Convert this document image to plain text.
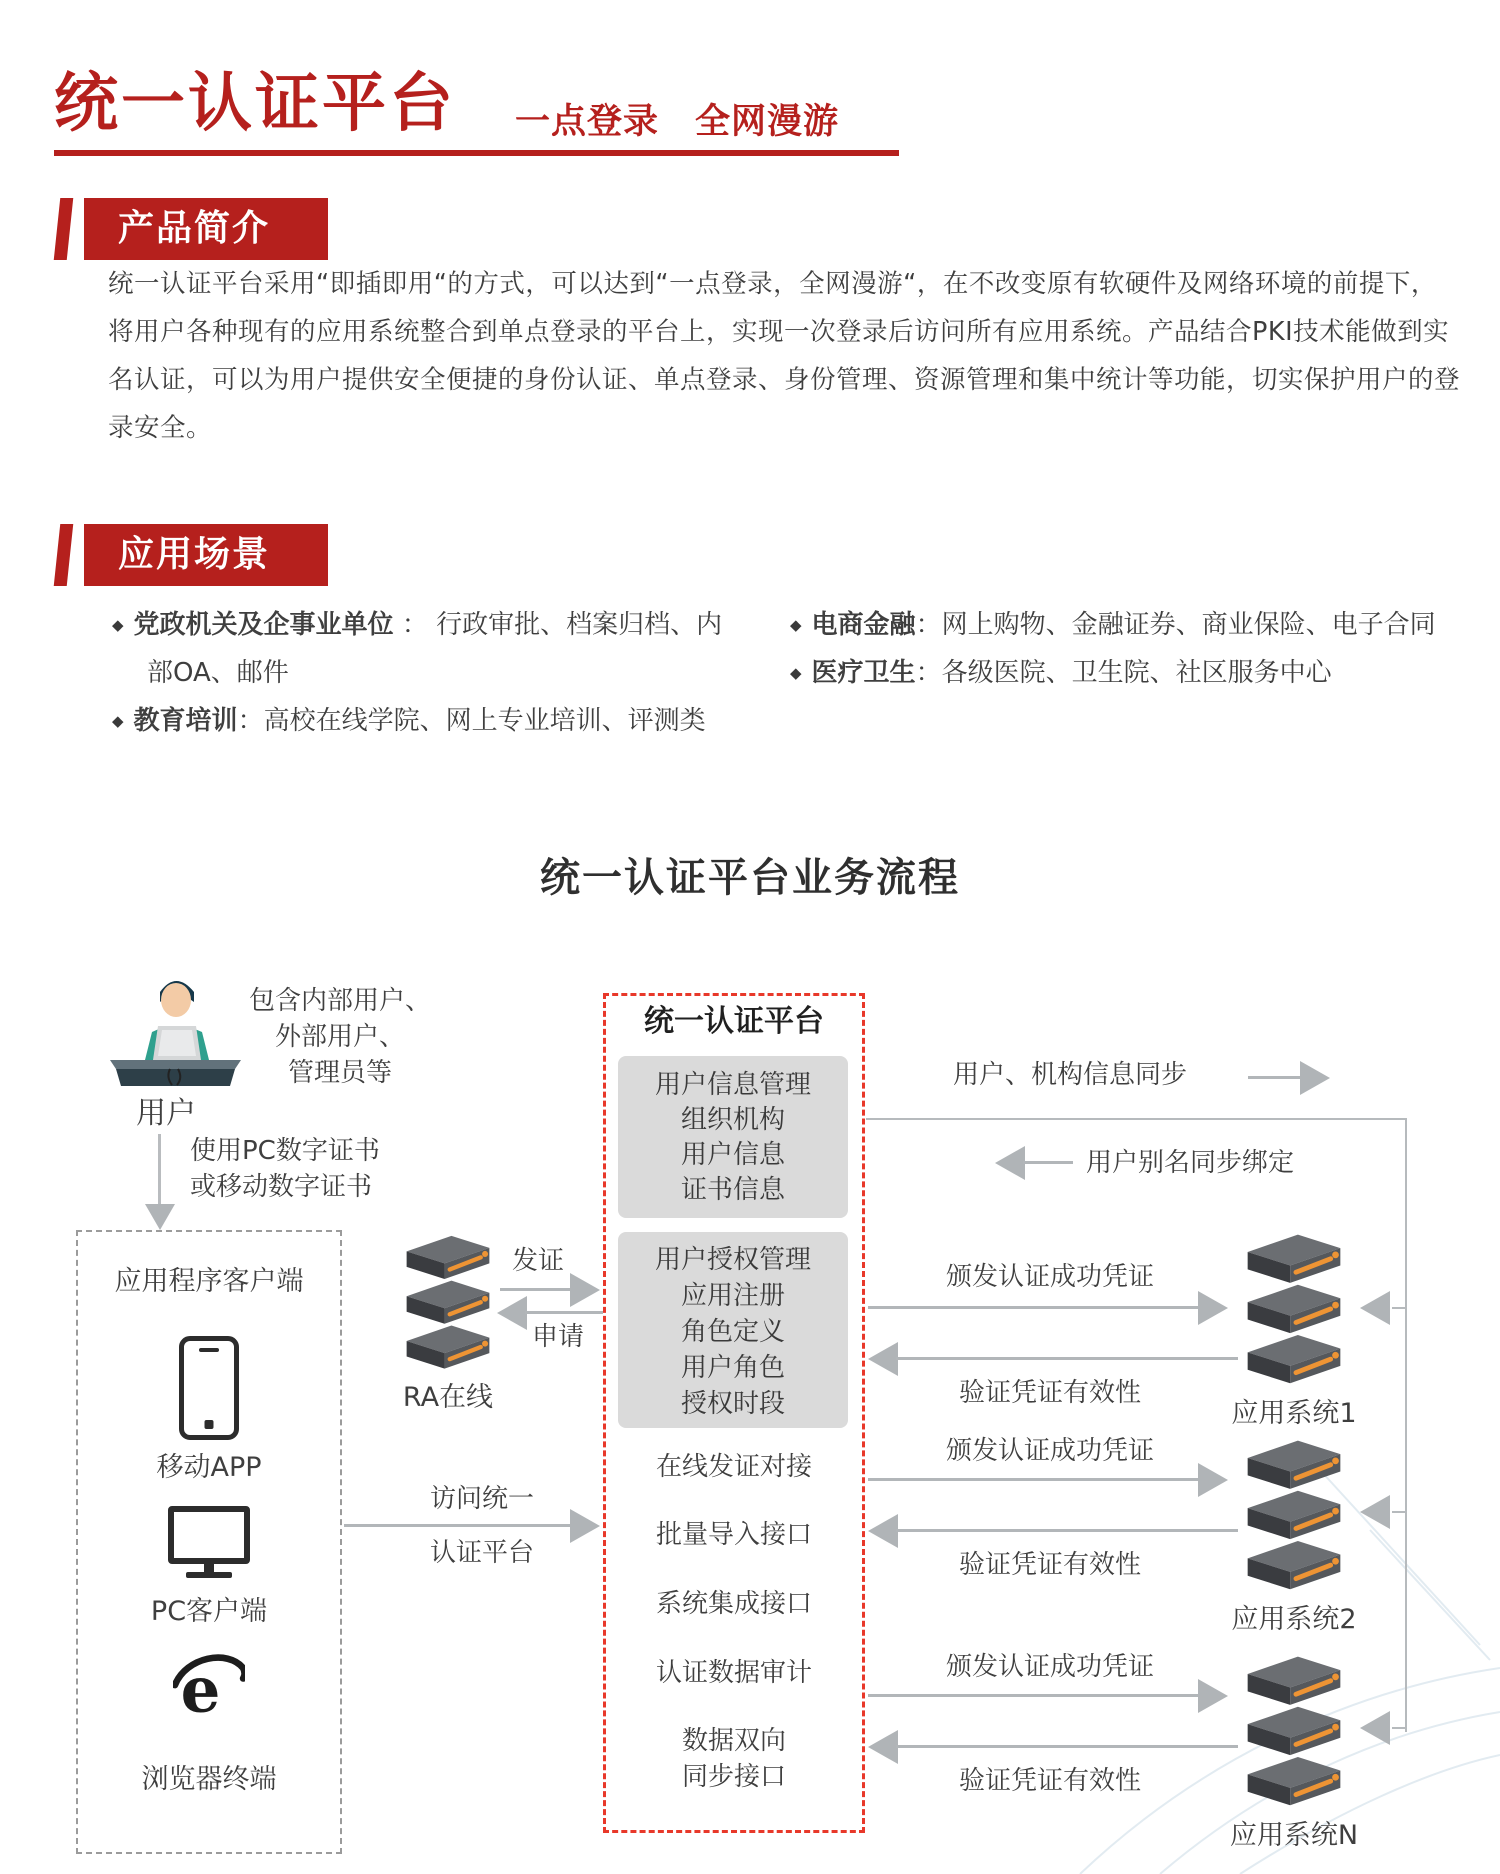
统一认证平台 一点登录　全网漫游
产品简介
统一认证平台采用“即插即用“的方式，可以达到“一点登录，全网漫游“，在不改变原有软硬件及网络环境的前提下，
将用户各种现有的应用系统整合到单点登录的平台上，实现一次登录后访问所有应用系统。产品结合PKI技术能做到实
名认证，可以为用户提供安全便捷的身份认证、单点登录、身份管理、资源管理和集中统计等功能，切实保护用户的登
录安全。
应用场景
◆ 党政机关及企事业单位 ： 行政审批、档案归档、内
部OA、邮件
◆ 教育培训：高校在线学院、网上专业培训、评测类
◆ 电商金融：网上购物、金融证券、商业保险、电子合同
◆ 医疗卫生：各级医院、卫生院、社区服务中心
统一认证平台业务流程
包含内部用户、
外部用户、
管理员等
用户
使用PC数字证书
或移动数字证书
应用程序客户端
移动APP
PC客户端
e
浏览器终端
RA在线
发证
申请
访问统一
认证平台
统一认证平台
用户信息管理
组织机构
用户信息
证书信息
用户授权管理
应用注册
角色定义
用户角色
授权时段
在线发证对接
批量导入接口
系统集成接口
认证数据审计
数据双向
同步接口
用户、机构信息同步
用户别名同步绑定
颁发认证成功凭证
验证凭证有效性
应用系统1
颁发认证成功凭证
验证凭证有效性
应用系统2
颁发认证成功凭证
验证凭证有效性
应用系统N
